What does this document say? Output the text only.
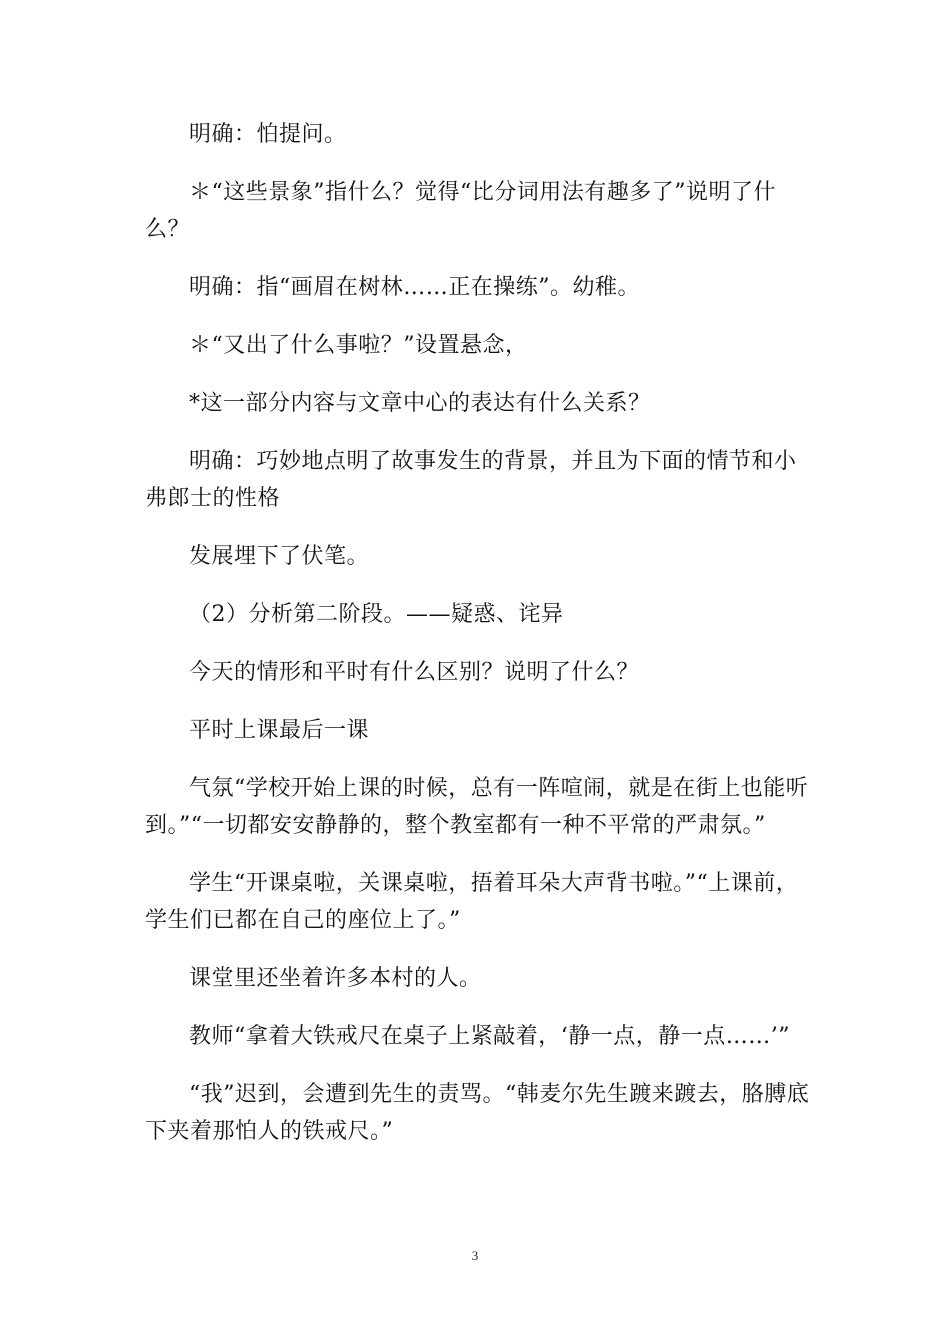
明确：怕提问。

＊“这些景象”指什么？觉得“比分词用法有趣多了”说明了什么？

明确：指“画眉在树林……正在操练”。幼稚。

＊“又出了什么事啦？”设置悬念，

*这一部分内容与文章中心的表达有什么关系？

明确：巧妙地点明了故事发生的背景，并且为下面的情节和小弗郎士的性格

发展埋下了伏笔。

（2）分析第二阶段。——疑惑、诧异

今天的情形和平时有什么区别？说明了什么？

平时上课最后一课

气氛“学校开始上课的时候，总有一阵喧闹，就是在街上也能听到。”“一切都安安静静的，整个教室都有一种不平常的严肃氛。”

学生“开课桌啦，关课桌啦，捂着耳朵大声背书啦。”“上课前，学生们已都在自己的座位上了。”

课堂里还坐着许多本村的人。

教师“拿着大铁戒尺在桌子上紧敲着，‘静一点，静一点……’”

“我”迟到，会遭到先生的责骂。“韩麦尔先生踱来踱去，胳膊底下夹着那怕人的铁戒尺。”

3
